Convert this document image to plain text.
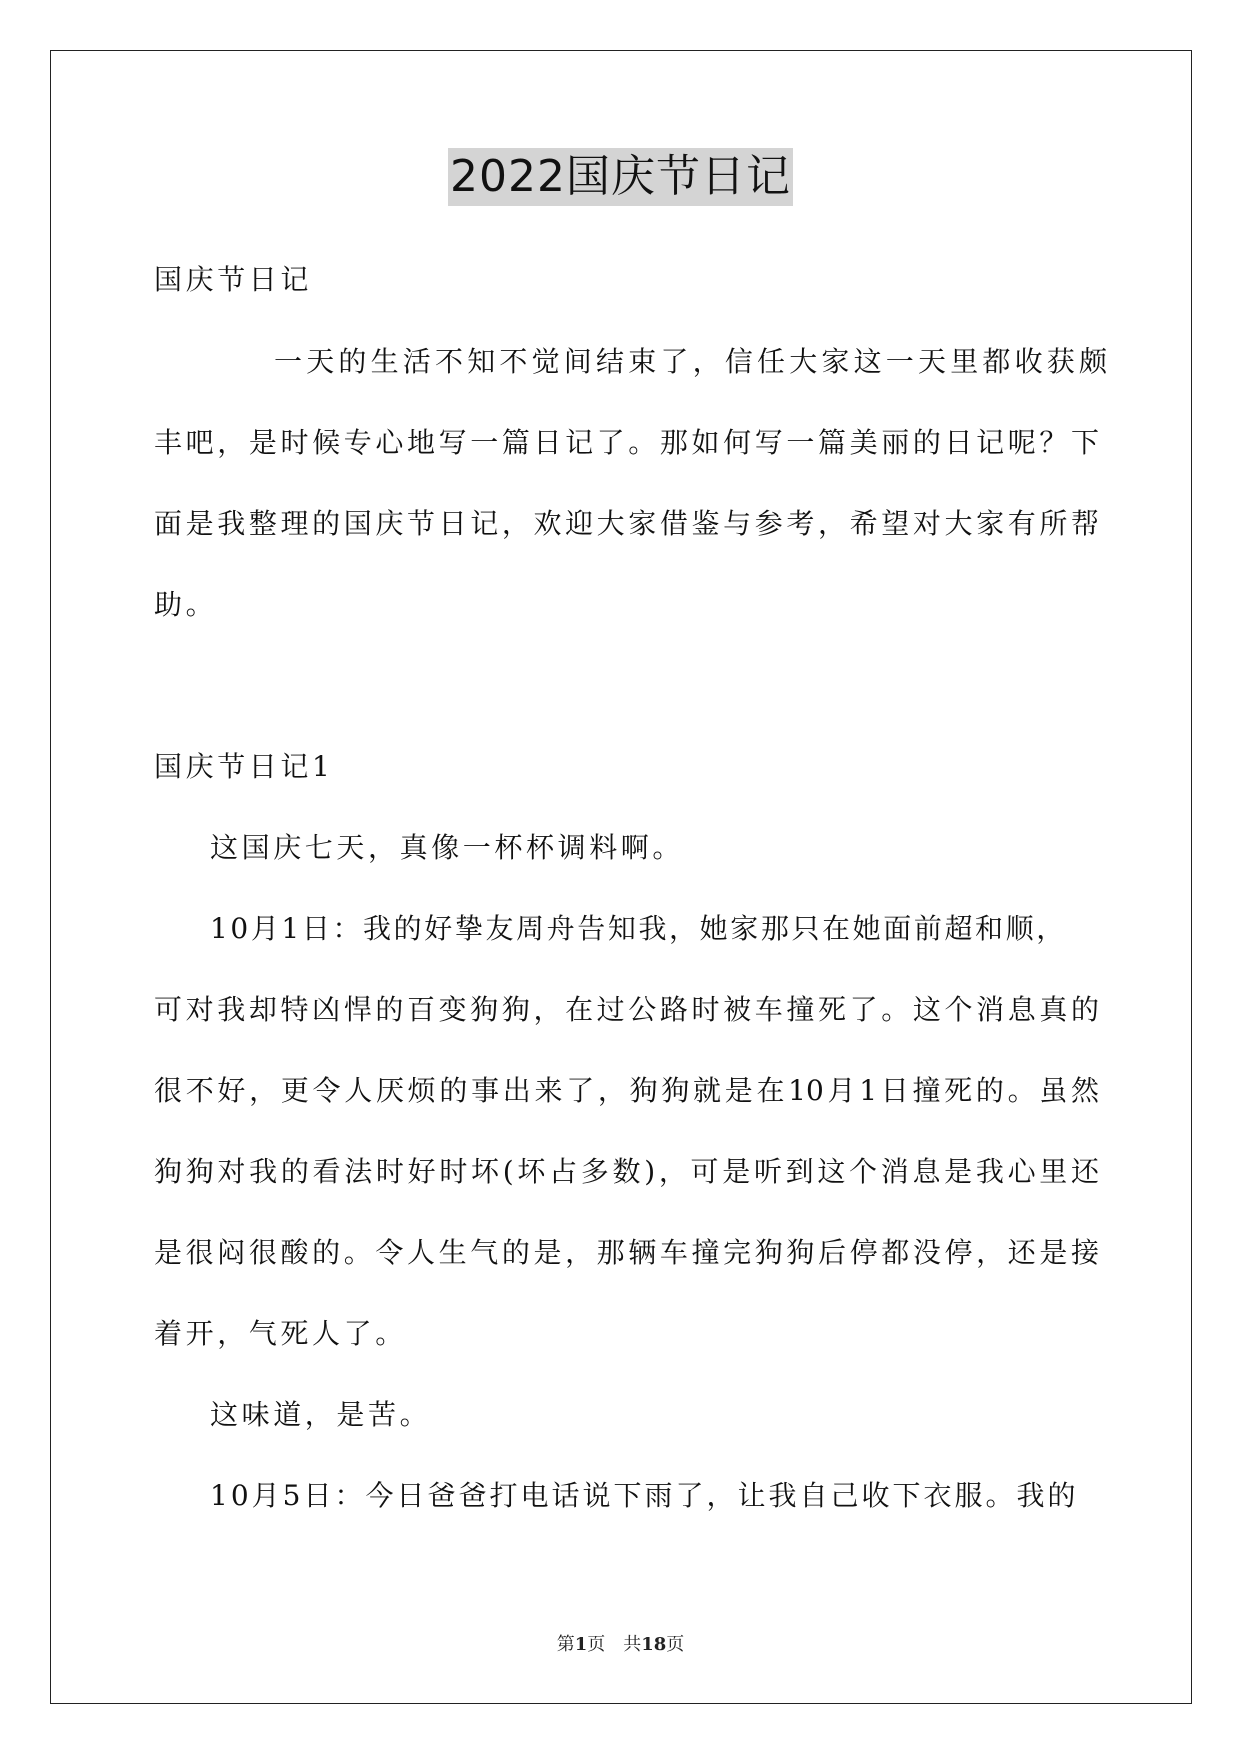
2022国庆节日记
国庆节日记
一天的生活不知不觉间结束了，信任大家这一天里都收获颇
丰吧，是时候专心地写一篇日记了。那如何写一篇美丽的日记呢？下
面是我整理的国庆节日记，欢迎大家借鉴与参考，希望对大家有所帮
助。
国庆节日记1
这国庆七天，真像一杯杯调料啊。
10月1日：我的好挚友周舟告知我，她家那只在她面前超和顺，
可对我却特凶悍的百变狗狗，在过公路时被车撞死了。这个消息真的
很不好，更令人厌烦的事出来了，狗狗就是在10月1日撞死的。虽然
狗狗对我的看法时好时坏(坏占多数)，可是听到这个消息是我心里还
是很闷很酸的。令人生气的是，那辆车撞完狗狗后停都没停，还是接
着开，气死人了。
这味道，是苦。
10月5日：今日爸爸打电话说下雨了，让我自己收下衣服。我的
第1页　共18页
